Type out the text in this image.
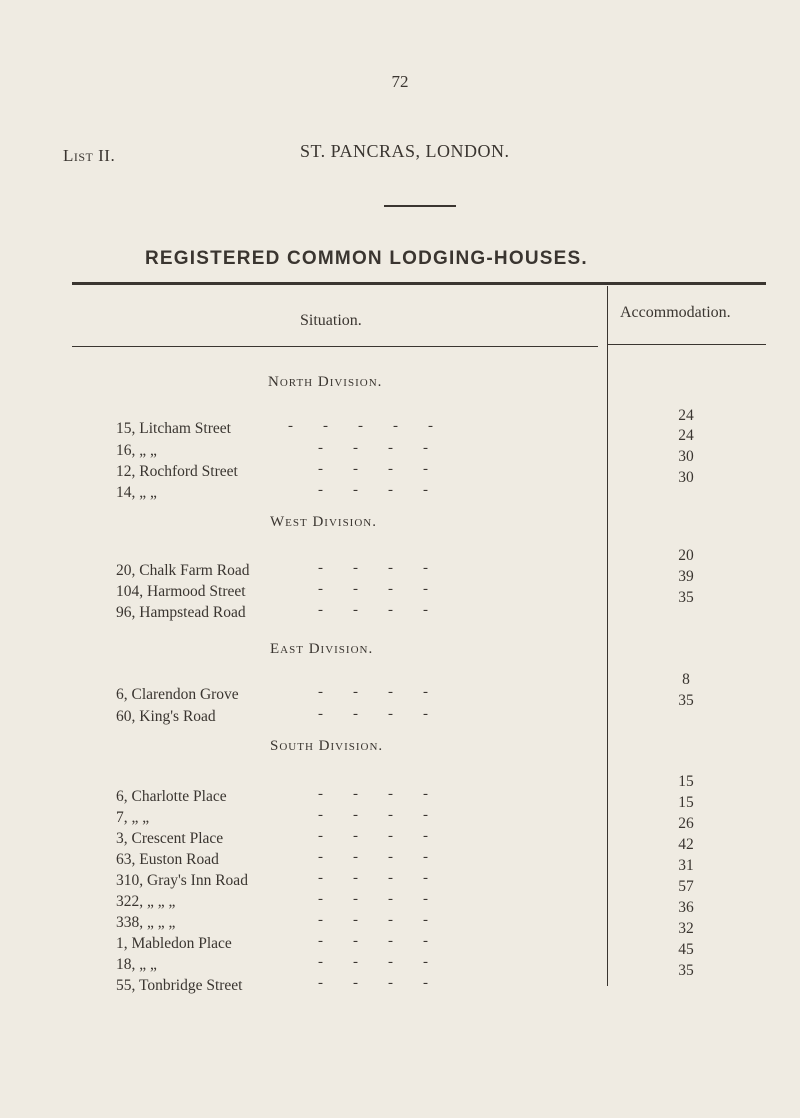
72
List II.	ST. PANCRAS, LONDON.
REGISTERED COMMON LODGING-HOUSES.
Situation.	Accommodation.
North Division.
15, Litcham Street
16, „ „
12, Rochford Street
14, „ „
-        -        -        -        -
-        -        -        -
-        -        -        -
-        -        -        -
24
24
30
30
West Division.
20, Chalk Farm Road
104, Harmood Street
96, Hampstead Road
-        -        -        -
-        -        -        -
-        -        -        -
20
39
35
East Division.
6, Clarendon Grove
60, King's Road
-        -        -        -
-        -        -        -
8
35
South Division.
6, Charlotte Place
7, „ „
3, Crescent Place
63, Euston Road
310, Gray's Inn Road
322, „ „ „
338, „ „ „
1, Mabledon Place
18, „ „
55, Tonbridge Street
-        -        -        -
-        -        -        -
-        -        -        -
-        -        -        -
-        -        -        -
-        -        -        -
-        -        -        -
-        -        -        -
-        -        -        -
-        -        -        -
15
15
26
42
31
57
36
32
45
35
